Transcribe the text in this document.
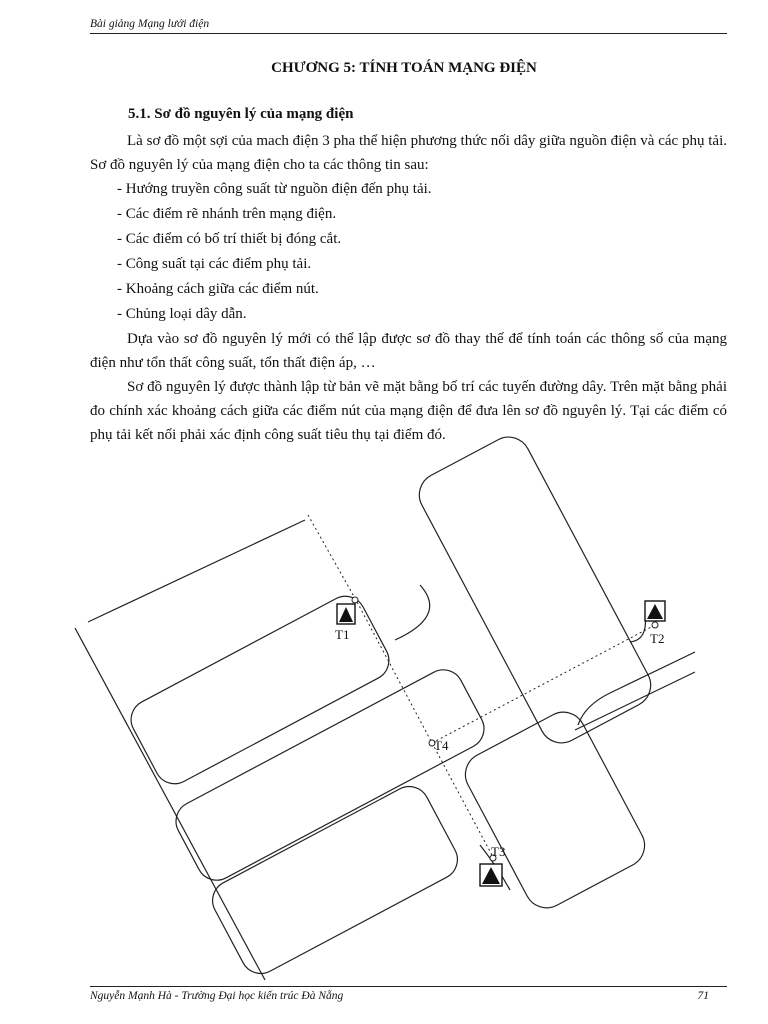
Bài giảng Mạng lưới điện
CHƯƠNG 5: TÍNH TOÁN MẠNG ĐIỆN
5.1. Sơ đồ nguyên lý của mạng điện

Là sơ đồ một sợi của mach điện 3 pha thể hiện phương thức nối dây giữa nguồn điện và các phụ tải. Sơ đồ nguyên lý của mạng điện cho ta các thông tin sau:

- Hướng truyền công suất từ nguồn điện đến phụ tải.
- Các điểm rẽ nhánh trên mạng điện.
- Các điểm có bố trí thiết bị đóng cắt.
- Công suất tại các điểm phụ tải.
- Khoảng cách giữa các điểm nút.
- Chủng loại dây dẫn.

Dựa vào sơ đồ nguyên lý mới có thể lập được sơ đồ thay thế để tính toán các thông số của mạng điện như tổn thất công suất, tổn thất điện áp, …

Sơ đồ nguyên lý được thành lập từ bản vẽ mặt bằng bố trí các tuyến đường dây. Trên mặt bằng phải đo chính xác khoảng cách giữa các điểm nút của mạng điện để đưa lên sơ đồ nguyên lý. Tại các điểm có phụ tải kết nối phải xác định công suất tiêu thụ tại điểm đó.

T1	T2
T3
T4
Nguyễn Mạnh Hà - Trường Đại học kiến trúc Đà Nẵng	71
